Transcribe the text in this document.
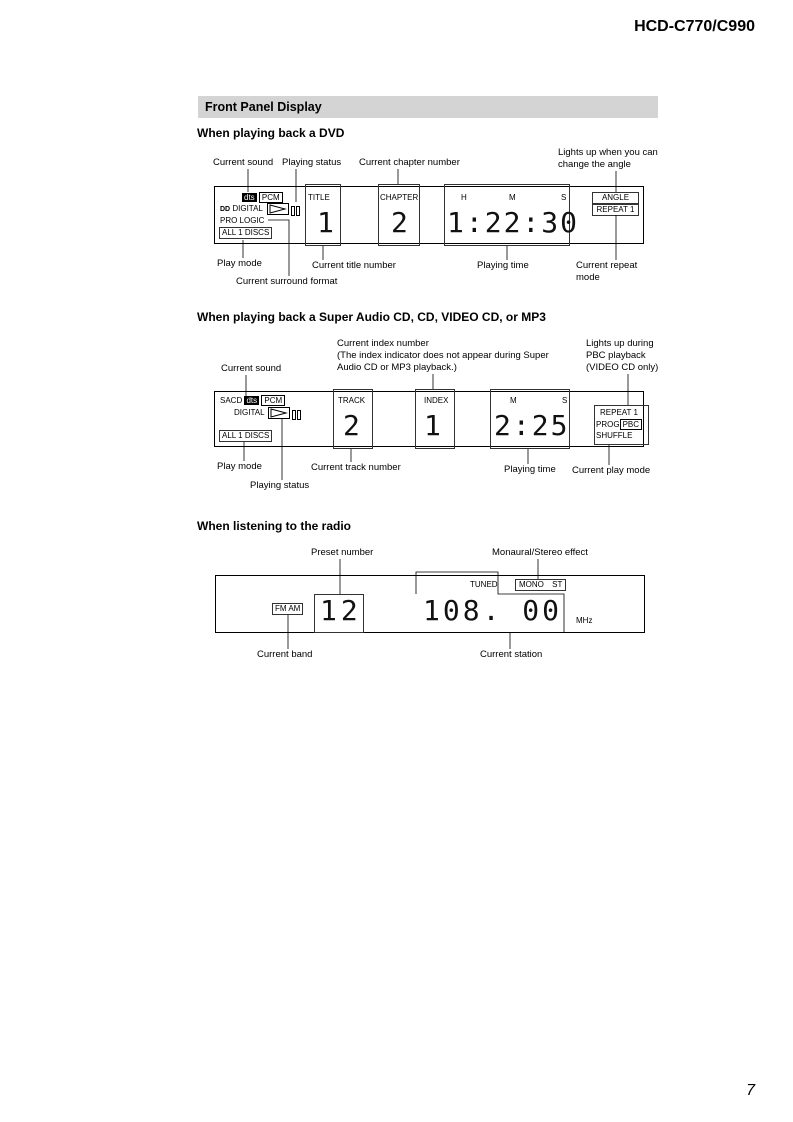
HCD-C770/C990
Front Panel Display
When playing back a DVD
Current sound Playing status Current chapter number
Lights up when you can
change the angle
dts PCM
DD DIGITAL
PRO LOGIC
ALL 1 DISCS
TITLE
1
CHAPTER
2
H	M	S
1:22:30
ANGLE
REPEAT 1
Play mode	Current title number	Playing time	Current repeat
mode
Current surround format
When playing back a Super Audio CD, CD, VIDEO CD, or MP3
Current index number
(The index indicator does not appear during Super
Audio CD or MP3 playback.)
Lights up during
PBC playback
(VIDEO CD only)
Current sound
SACD dts PCM
DIGITAL
ALL 1 DISCS
TRACK
2
INDEX
1
M	S
2:25	REPEAT 1
PROG PBC
SHUFFLE
Play mode	Current track number	Playing time Current play mode
Playing status
When listening to the radio
Preset number	Monaural/Stereo effect
FM AM 12
TUNED	MONO ST
108. 00 MHz
Current band	Current station
7
